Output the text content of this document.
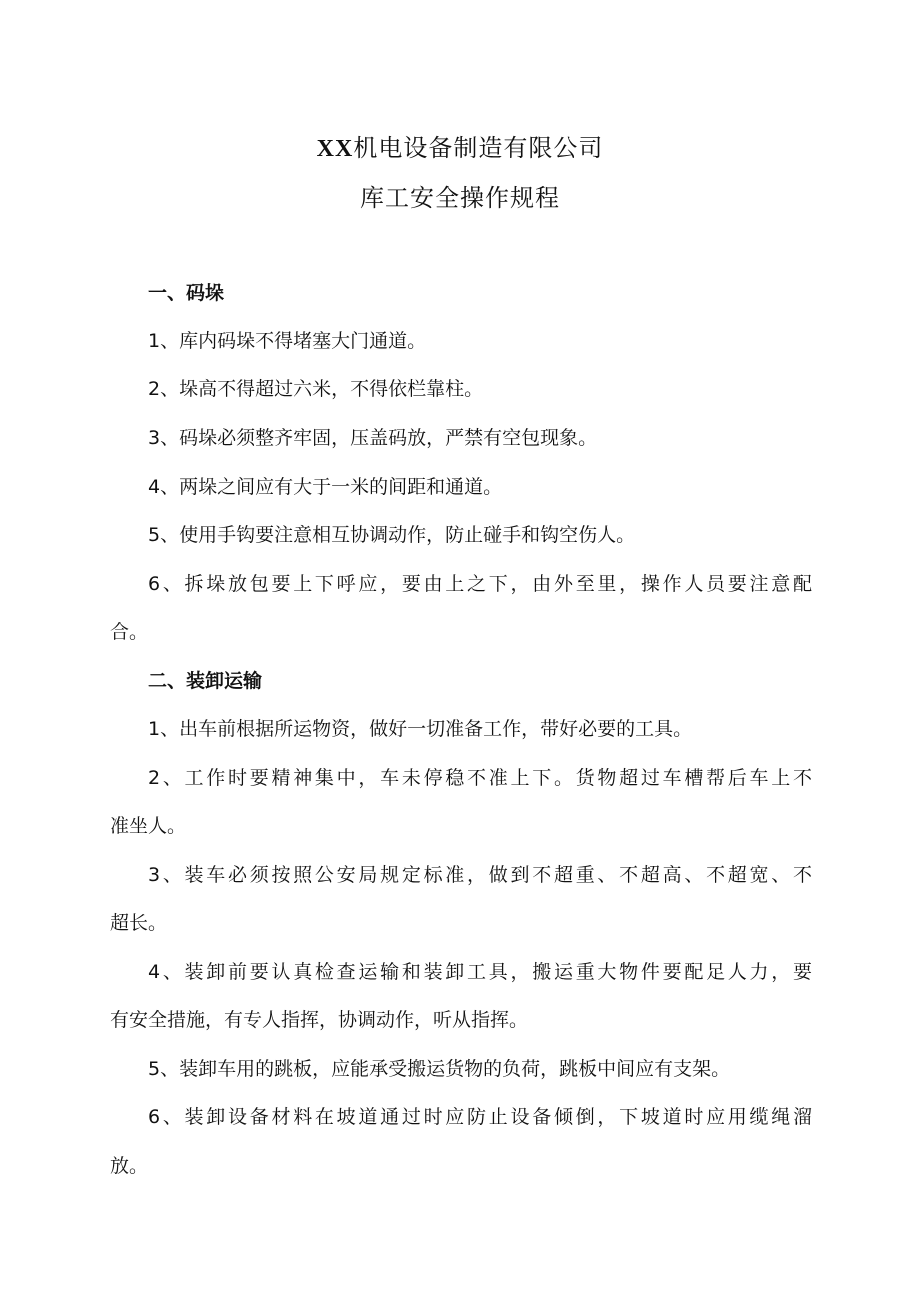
XX机电设备制造有限公司
库工安全操作规程

一、码垛

1、库内码垛不得堵塞大门通道。

2、垛高不得超过六米，不得依栏靠柱。

3、码垛必须整齐牢固，压盖码放，严禁有空包现象。

4、两垛之间应有大于一米的间距和通道。

5、使用手钩要注意相互协调动作，防止碰手和钩空伤人。

6、拆垛放包要上下呼应，要由上之下，由外至里，操作人员要注意配

合。

二、装卸运输

1、出车前根据所运物资，做好一切准备工作，带好必要的工具。

2、工作时要精神集中，车未停稳不准上下。货物超过车槽帮后车上不

准坐人。

3、装车必须按照公安局规定标准，做到不超重、不超高、不超宽、不

超长。

4、装卸前要认真检查运输和装卸工具，搬运重大物件要配足人力，要

有安全措施，有专人指挥，协调动作，听从指挥。

5、装卸车用的跳板，应能承受搬运货物的负荷，跳板中间应有支架。

6、装卸设备材料在坡道通过时应防止设备倾倒，下坡道时应用缆绳溜

放。
